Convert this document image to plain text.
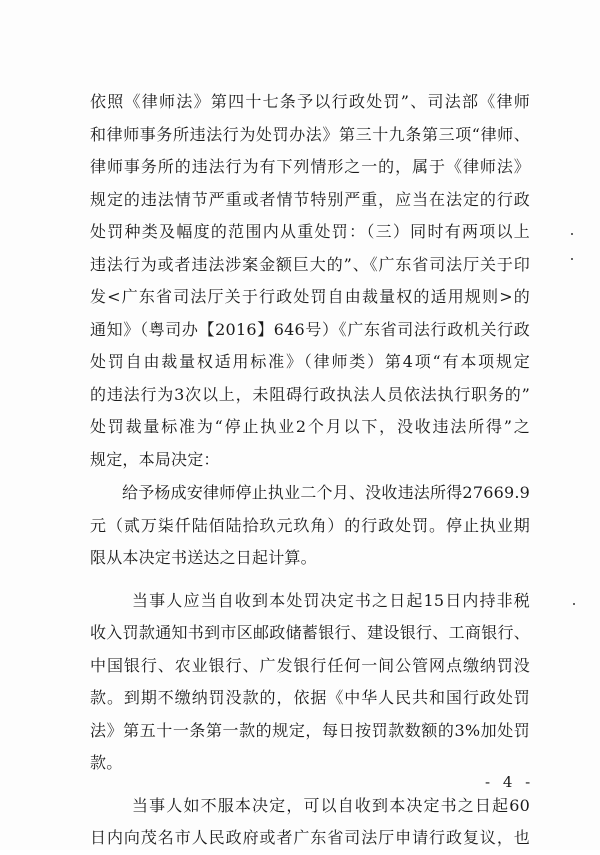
依照《律师法》第四十七条予以行政处罚”、司法部《律师
和律师事务所违法行为处罚办法》第三十九条第三项“律师、
律师事务所的违法行为有下列情形之一的，属于《律师法》
规定的违法情节严重或者情节特别严重，应当在法定的行政
处罚种类及幅度的范围内从重处罚：（三）同时有两项以上
违法行为或者违法涉案金额巨大的”、《广东省司法厅关于印
发<广东省司法厅关于行政处罚自由裁量权的适用规则>的
通知》（粤司办【2016】646号）《广东省司法行政机关行政
处罚自由裁量权适用标准》（律师类）第4项“有本项规定
的违法行为3次以上，未阻碍行政执法人员依法执行职务的”
处罚裁量标准为“停止执业2个月以下，没收违法所得”之
规定，本局决定：
给予杨成安律师停止执业二个月、没收违法所得27669.9
元（贰万柒仟陆佰陆拾玖元玖角）的行政处罚。停止执业期
限从本决定书送达之日起计算。
当事人应当自收到本处罚决定书之日起15日内持非税
收入罚款通知书到市区邮政储蓄银行、建设银行、工商银行、
中国银行、农业银行、广发银行任何一间公管网点缴纳罚没
款。到期不缴纳罚没款的，依据《中华人民共和国行政处罚
法》第五十一条第一款的规定，每日按罚款数额的3%加处罚
款。
当事人如不服本决定，可以自收到本决定书之日起60
日内向茂名市人民政府或者广东省司法厅申请行政复议，也
- 4 -
